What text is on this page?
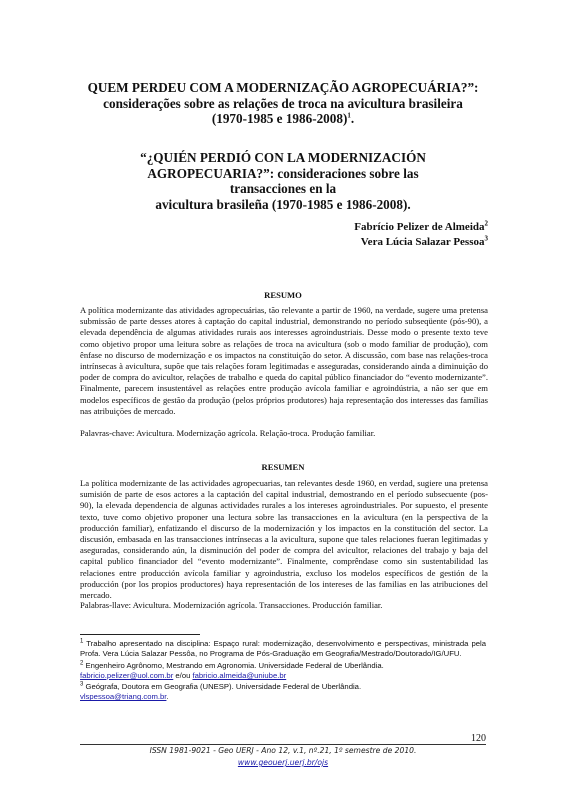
QUEM PERDEU COM A MODERNIZAÇÃO AGROPECUÁRIA?”:
considerações sobre as relações de troca na avicultura brasileira
(1970-1985 e 1986-2008)$^1$.
“¿QUIÉN PERDIÓ CON LA MODERNIZACIÓN
AGROPECUARIA?”: consideraciones sobre las transacciones en la
avicultura brasileña (1970-1985 e 1986-2008).
Fabrício Pelizer de Almeida$^2$
Vera Lúcia Salazar Pessoa$^3$
RESUMO
A política modernizante das atividades agropecuárias, tão relevante a partir de 1960, na verdade, sugere uma pretensa submissão de parte desses atores à captação do capital industrial, demonstrando no período subseqüente (pós-90), a elevada dependência de algumas atividades rurais aos interesses agroindustriais. Desse modo o presente texto teve como objetivo propor uma leitura sobre as relações de troca na avicultura (sob o modo familiar de produção), com ênfase no discurso de modernização e os impactos na constituição do setor. A discussão, com base nas relações-troca intrínsecas à avicultura, supõe que tais relações foram legitimadas e asseguradas, considerando ainda a diminuição do poder de compra do avicultor, relações de trabalho e queda do capital público financiador do “evento modernizante”. Finalmente, parecem insustentável as relações entre produção avícola familiar e agroindústria, a não ser que em modelos específicos de gestão da produção (pelos próprios produtores) haja representação dos interesses das famílias nas atribuições de mercado.
Palavras-chave: Avicultura. Modernização agrícola. Relação-troca. Produção familiar.
RESUMEN
La política modernizante de las actividades agropecuarias, tan relevantes desde 1960, en verdad, sugiere una pretensa sumisión de parte de esos actores a la captación del capital industrial, demostrando en el período subsecuente (pos-90), la elevada dependencia de algunas actividades rurales a los intereses agroindustriales. Por supuesto, el presente texto, tuve como objetivo proponer una lectura sobre las transacciones en la avicultura (en la perspectiva de la producción familiar), enfatizando el discurso de la modernización y los impactos en la constitución del sector. La discusión, embasada en las transacciones intrínsecas a la avicultura, supone que tales relaciones fueran legitimadas y aseguradas, considerando aún, la disminución del poder de compra del avicultor, relaciones del trabajo y baja del capital publico financiador del “evento modernizante”. Finalmente, comprêndase como sin sustentabilidad las relaciones entre producción avícola familiar y agroindustria, excluso los modelos específicos de gestión de la producción (por los propios productores) haya representación de los intereses de las familias en las atribuciones del mercado.
Palabras-llave: Avicultura. Modernización agrícola. Transacciones. Producción familiar.

$^1$ Trabalho apresentado na disciplina: Espaço rural: modernização, desenvolvimento e perspectivas, ministrada pela Profa. Vera Lúcia Salazar Pessôa, no Programa de Pós-Graduação em Geografia/Mestrado/Doutorado/IG/UFU.

$^2$ Engenheiro Agrônomo, Mestrando em Agronomia. Universidade Federal de Uberlândia.
fabricio.pelizer@uol.com.br e/ou fabricio.almeida@uniube.br

$^3$ Geógrafa, Doutora em Geografia (UNESP). Universidade Federal de Uberlândia.
vlspessoa@triang.com.br.

120
ISSN 1981-9021 - Geo UERJ - Ano 12, v.1, nº.21, 1º semestre de 2010.
www.geouerj.uerj.br/ojs
